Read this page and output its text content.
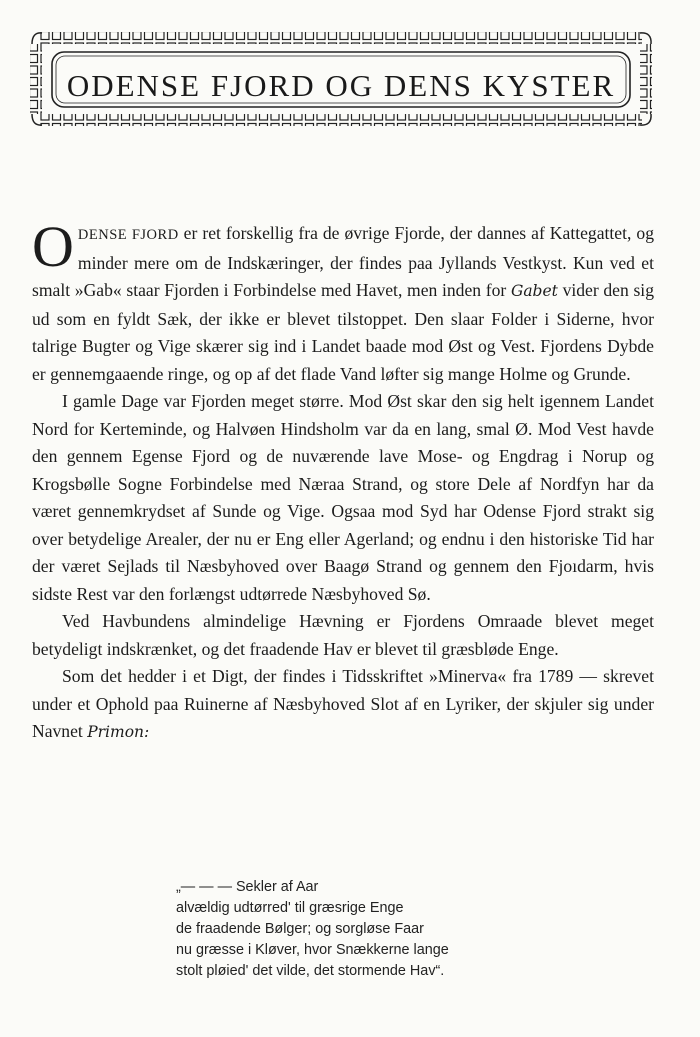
ODENSE FJORD OG DENS KYSTER

ODENSE FJORD er ret forskellig fra de øvrige Fjorde, der dannes af Kattegattet, og minder mere om de Indskæringer, der findes paa Jyllands Vestkyst. Kun ved et smalt »Gab« staar Fjorden i Forbindelse med Havet, men inden for Gabet vider den sig ud som en fyldt Sæk, der ikke er blevet tilstoppet. Den slaar Folder i Siderne, hvor talrige Bugter og Vige skærer sig ind i Landet baade mod Øst og Vest. Fjordens Dybde er gennemgaaende ringe, og op af det flade Vand løfter sig mange Holme og Grunde.

I gamle Dage var Fjorden meget større. Mod Øst skar den sig helt igennem Landet Nord for Kerteminde, og Halvøen Hindsholm var da en lang, smal Ø. Mod Vest havde den gennem Egense Fjord og de nuværende lave Mose- og Engdrag i Norup og Krogsbølle Sogne Forbindelse med Næraa Strand, og store Dele af Nordfyn har da været gennemkrydset af Sunde og Vige. Ogsaa mod Syd har Odense Fjord strakt sig over betydelige Arealer, der nu er Eng eller Agerland; og endnu i den historiske Tid har der været Sejlads til Næsbyhoved over Baagø Strand og gennem den Fjoıdarm, hvis sidste Rest var den forlængst udtørrede Næsbyhoved Sø.

Ved Havbundens almindelige Hævning er Fjordens Omraade blevet meget betydeligt indskrænket, og det fraadende Hav er blevet til græsbløde Enge.

Som det hedder i et Digt, der findes i Tidsskriftet »Minerva« fra 1789 — skrevet under et Ophold paa Ruinerne af Næsbyhoved Slot af en Lyriker, der skjuler sig under Navnet Primon:

„— — — Sekler af Aar
alvældig udtørred' til græsrige Enge
de fraadende Bølger; og sorgløse Faar
nu græsse i Kløver, hvor Snækkerne lange
stolt pløied' det vilde, det stormende Hav“.
